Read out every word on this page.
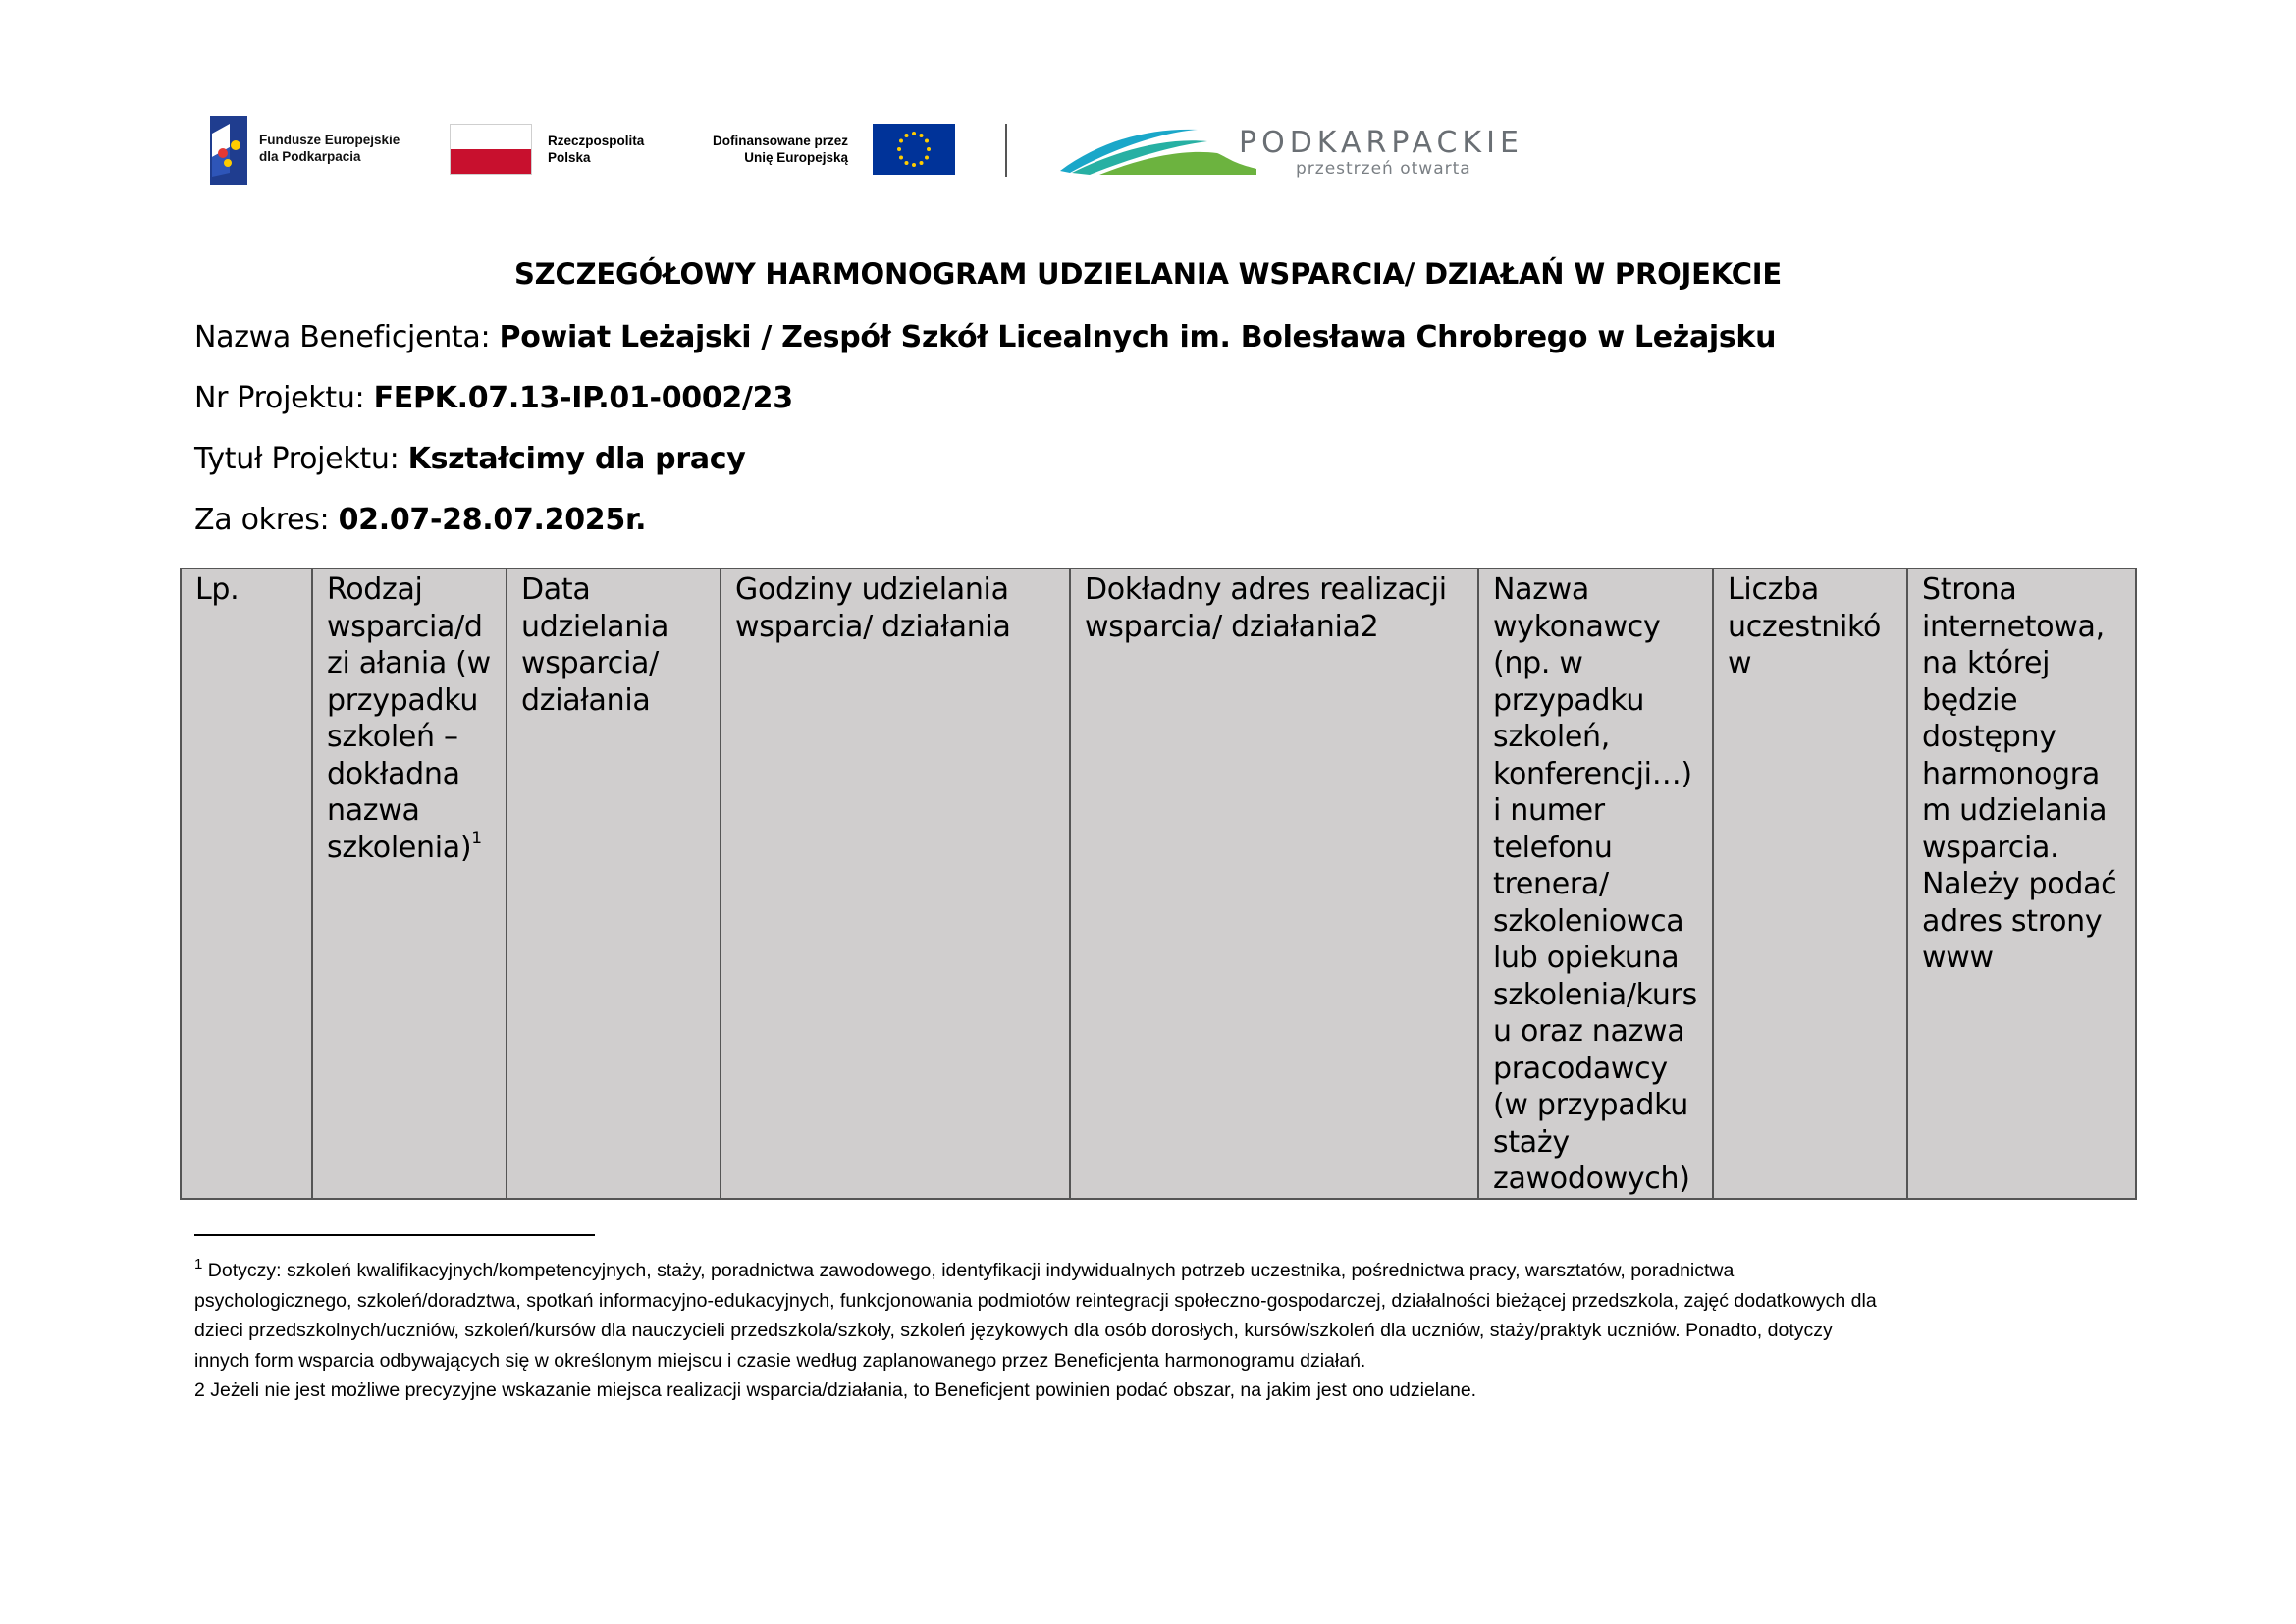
Fundusze Europejskie
dla Podkarpacia
Rzeczpospolita
Polska
Dofinansowane przez
Unię Europejską	PODKARPACKIE
przestrzeń otwarta
SZCZEGÓŁOWY HARMONOGRAM UDZIELANIA WSPARCIA/ DZIAŁAŃ W PROJEKCIE
Nazwa Beneficjenta: Powiat Leżajski / Zespół Szkół Licealnych im. Bolesława Chrobrego w Leżajsku
Nr Projektu: FEPK.07.13-IP.01-0002/23
Tytuł Projektu: Kształcimy dla pracy
Za okres: 02.07-28.07.2025r.
Lp.	Rodzaj wsparcia/dzi ałania (w przypadku szkoleń – dokładna nazwa szkolenia)$^1$	Data udzielania wsparcia/ działania	Godziny udzielania wsparcia/ działania	Dokładny adres realizacji wsparcia/ działania2	Nazwa wykonawcy (np. w przypadku szkoleń, konferencji…) i numer telefonu trenera/ szkoleniowca lub opiekuna szkolenia/kurs u oraz nazwa pracodawcy (w przypadku staży zawodowych)	Liczba uczestników	Strona internetowa, na której będzie dostępny harmonogra m udzielania wsparcia. Należy podać adres strony www

$^1$ Dotyczy: szkoleń kwalifikacyjnych/kompetencyjnych, staży, poradnictwa zawodowego, identyfikacji indywidualnych potrzeb uczestnika, pośrednictwa pracy, warsztatów, poradnictwa psychologicznego, szkoleń/doradztwa, spotkań informacyjno-edukacyjnych, funkcjonowania podmiotów reintegracji społeczno-gospodarczej, działalności bieżącej przedszkola, zajęć dodatkowych dla dzieci przedszkolnych/uczniów, szkoleń/kursów dla nauczycieli przedszkola/szkoły, szkoleń językowych dla osób dorosłych, kursów/szkoleń dla uczniów, staży/praktyk uczniów. Ponadto, dotyczy innych form wsparcia odbywających się w określonym miejscu i czasie według zaplanowanego przez Beneficjenta harmonogramu działań.

2 Jeżeli nie jest możliwe precyzyjne wskazanie miejsca realizacji wsparcia/działania, to Beneficjent powinien podać obszar, na jakim jest ono udzielane.
